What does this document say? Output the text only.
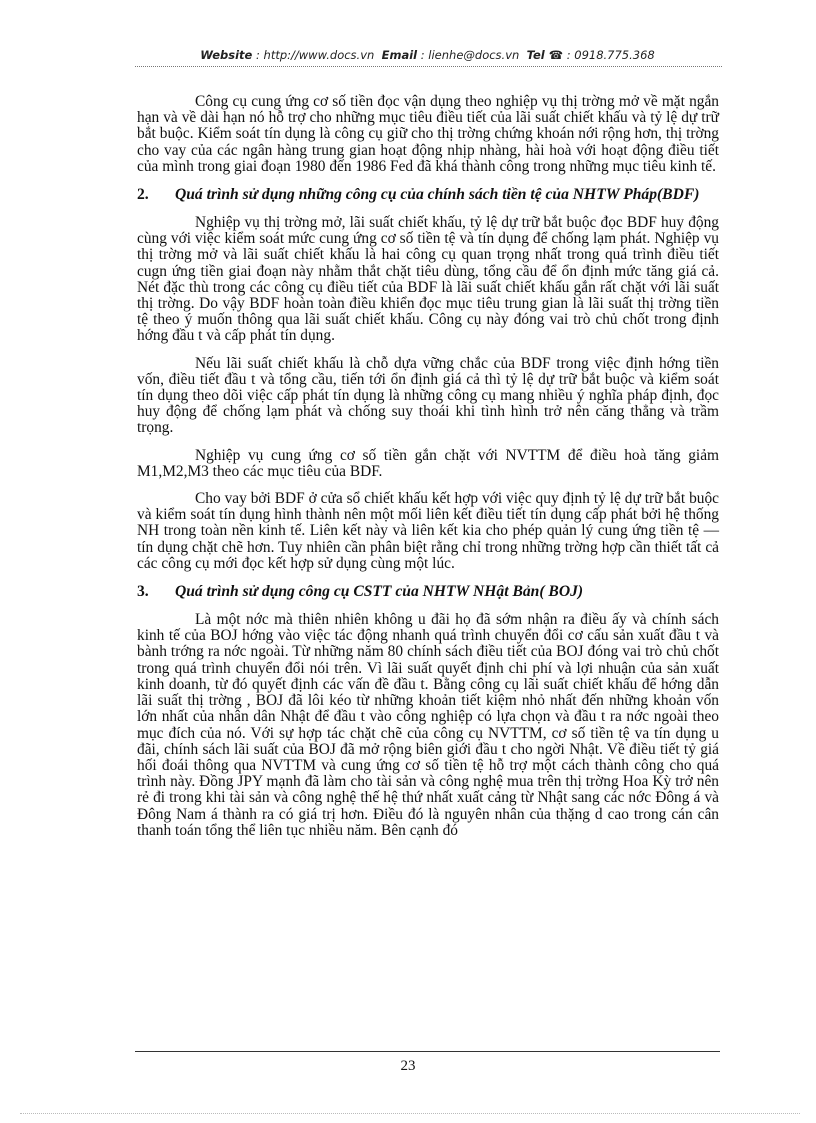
Website : http://www.docs.vn Email : lienhe@docs.vn Tel ☎ : 0918.775.368

Công cụ cung ứng cơ số tiền đọc vận dụng theo nghiệp vụ thị trờng mở về mặt ngắn hạn và về dài hạn nó hỗ trợ cho những mục tiêu điều tiết của lãi suất chiết khấu và tỷ lệ dự trữ bắt buộc. Kiểm soát tín dụng là công cụ giữ cho thị trờng chứng khoán nới rộng hơn, thị trờng cho vay của các ngân hàng trung gian hoạt động nhịp nhàng, hài hoà với hoạt động điều tiết của mình trong giai đoạn 1980 đến 1986 Fed đã khá thành công trong những mục tiêu kinh tế.

2.	Quá trình sử dụng những công cụ của chính sách tiền tệ của NHTW Pháp(BDF)

Nghiệp vụ thị trờng mở, lãi suất chiết khấu, tỷ lệ dự trữ bắt buộc đọc BDF huy động cùng với việc kiểm soát mức cung ứng cơ số tiền tệ và tín dụng để chống lạm phát. Nghiệp vụ thị trờng mở và lãi suất chiết khấu là hai công cụ quan trọng nhất trong quá trình điều tiết cugn ứng tiền giai đoạn này nhằm thắt chặt tiêu dùng, tổng cầu để ổn định mức tăng giá cả. Nét đặc thù trong các công cụ điều tiết của BDF là lãi suất chiết khấu gắn rất chặt với lãi suất thị trờng. Do vậy BDF hoàn toàn điều khiển đọc mục tiêu trung gian là lãi suất thị trờng tiền tệ theo ý muốn thông qua lãi suất chiết khấu. Công cụ này đóng vai trò chủ chốt trong định hớng đầu t và cấp phát tín dụng.

Nếu lãi suất chiết khấu là chỗ dựa vững chắc của BDF trong việc định hớng tiền vốn, điều tiết đầu t và tổng cầu, tiến tới ổn định giá cả thì tỷ lệ dự trữ bắt buộc và kiểm soát tín dụng theo dõi việc cấp phát tín dụng là những công cụ mang nhiều ý nghĩa pháp định, đọc huy động để chống lạm phát và chống suy thoái khi tình hình trở nên căng thẳng và trầm trọng.

Nghiệp vụ cung ứng cơ số tiền gắn chặt với NVTTM để điều hoà tăng giảm M1,M2,M3 theo các mục tiêu của BDF.

Cho vay bởi BDF ở cửa sổ chiết khấu kết hợp với việc quy định tỷ lệ dự trữ bắt buộc và kiểm soát tín dụng hình thành nên một mối liên kết điều tiết tín dụng cấp phát bởi hệ thống NH trong toàn nền kinh tế. Liên kết này và liên kết kia cho phép quản lý cung ứng tiền tệ — tín dụng chặt chẽ hơn. Tuy nhiên cần phân biệt rằng chỉ trong những trờng hợp cần thiết tất cả các công cụ mới đọc kết hợp sử dụng cùng một lúc.

3.	Quá trình sử dụng công cụ CSTT của NHTW NHật Bản( BOJ)

Là một nớc mà thiên nhiên không u đãi họ đã sớm nhận ra điều ấy và chính sách kinh tế của BOJ hớng vào việc tác động nhanh quá trình chuyển đổi cơ cấu sản xuất đầu t và bành trớng ra nớc ngoài. Từ những năm 80 chính sách điều tiết của BOJ đóng vai trò chủ chốt trong quá trình chuyển đổi nói trên. Vì lãi suất quyết định chi phí và lợi nhuận của sản xuất kinh doanh, từ đó quyết định các vấn đề đầu t. Bằng công cụ lãi suất chiết khấu để hớng dẫn lãi suất thị trờng , BOJ đã lôi kéo từ những khoản tiết kiệm nhỏ nhất đến những khoản vốn lớn nhất của nhân dân Nhật để đầu t vào công nghiệp có lựa chọn và đầu t ra nớc ngoài theo mục đích của nó. Với sự hợp tác chặt chẽ của công cụ NVTTM, cơ số tiền tệ va tín dụng u đãi, chính sách lãi suất của BOJ đã mở rộng biên giới đầu t cho ngời Nhật. Về điều tiết tỷ giá hối đoái thông qua NVTTM và cung ứng cơ số tiền tệ hỗ trợ một cách thành công cho quá trình này. Đồng JPY mạnh đã làm cho tài sản và công nghệ mua trên thị trờng Hoa Kỳ trở nên rẻ đi trong khi tài sản và công nghệ thế hệ thứ nhất xuất cảng từ Nhật sang các nớc Đông á và Đông Nam á thành ra có giá trị hơn. Điều đó là nguyên nhân của thặng d cao trong cán cân thanh toán tổng thể liên tục nhiều năm. Bên cạnh đó

23
